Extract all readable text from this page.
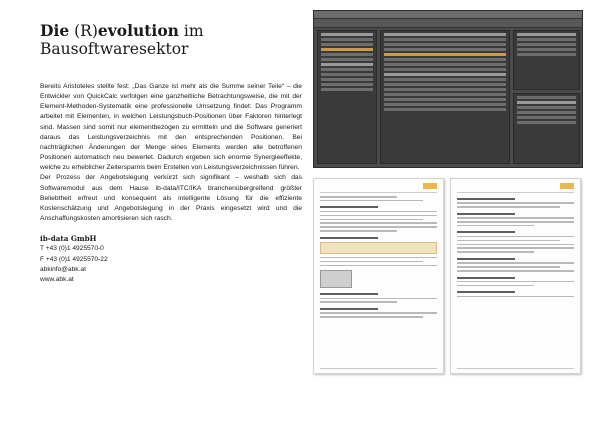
Die (R)evolution im
Bausoftwaresektor

Bereits Aristoteles stellte fest: „Das Ganze ist mehr als die Summe seiner Teile“ – die Entwickler von QuickCalc verfolgen eine ganzheitliche Betrachtungsweise, die mit der Element-Methoden-Systematik eine professionelle Umsetzung findet: Das Programm arbeitet mit Elementen, in welchen Leistungsbuch-Positionen über Faktoren hinterlegt sind. Massen sind somit nur elementbezogen zu ermitteln und die Software generiert daraus das Leistungsverzeichnis mit den entsprechenden Positionen. Bei nachträglichen Änderungen der Menge eines Elements werden alle betroffenen Positionen automatisch neu bewertet. Dadurch ergeben sich enorme Synergieeffekte, welche zu erheblicher Zeitersparnis beim Erstellen von Leistungsverzeichnissen führen.

Der Prozess der Angebotslegung verkürzt sich signifikant – weshalb sich das Softwaremodul aus dem Hause ib-data/ITC/IKA branchenübergreifend größter Beliebtheit erfreut und konsequent als intelligente Lösung für die effiziente Kostenschätzung und Angebotslegung in der Praxis eingesetzt wird und die Anschaffungskosten amortisieren sich rasch.

ib-data GmbH
T +43 (0)1 4925570-0
F +43 (0)1 4925570-22
abkinfo@abk.at
www.abk.at
